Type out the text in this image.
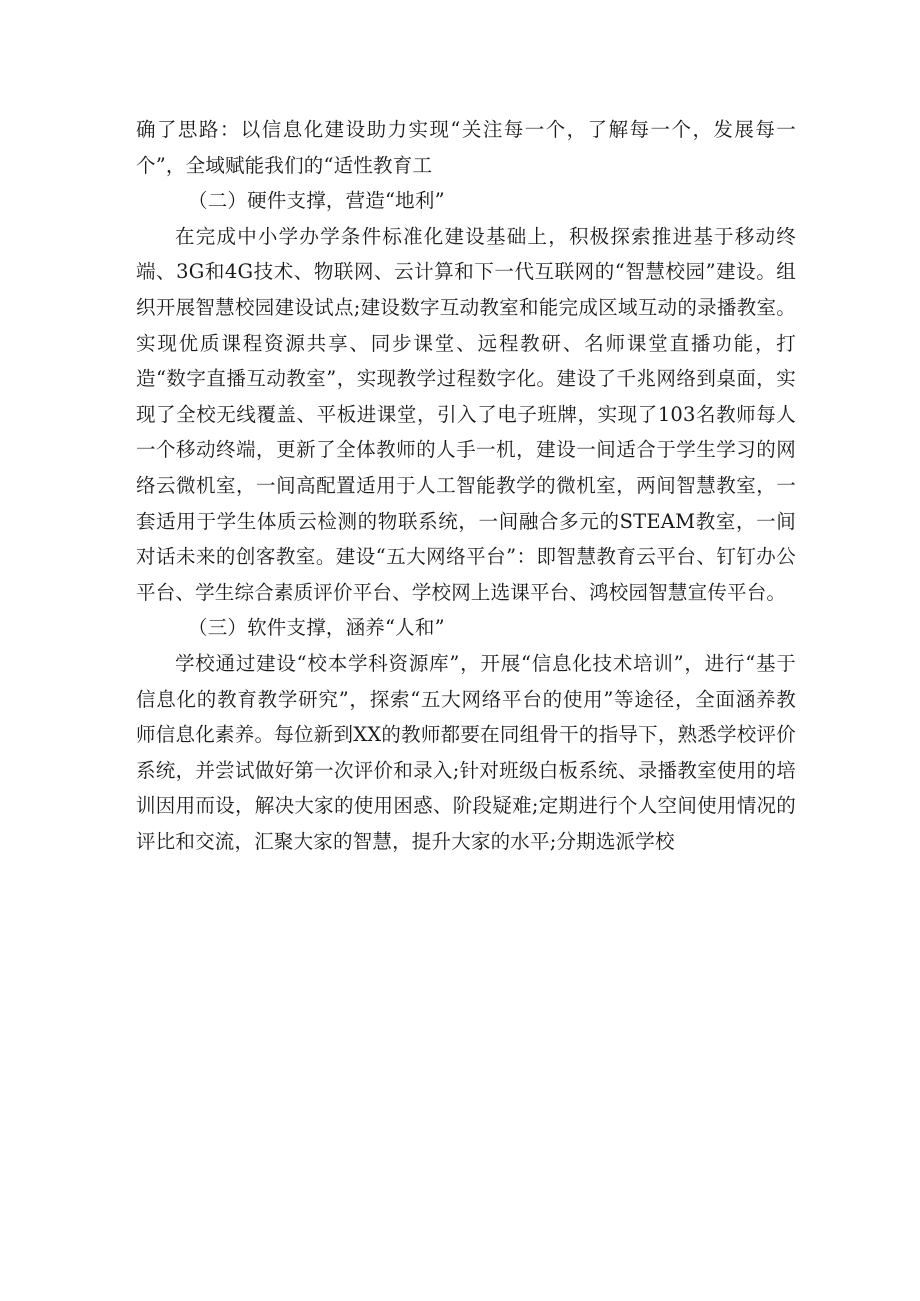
确了思路：以信息化建设助力实现“关注每一个，了解每一个，发展每一个”，全域赋能我们的“适性教育工

（二）硬件支撑，营造“地利”

在完成中小学办学条件标准化建设基础上，积极探索推进基于移动终端、3G和4G技术、物联网、云计算和下一代互联网的“智慧校园”建设。组织开展智慧校园建设试点;建设数字互动教室和能完成区域互动的录播教室。实现优质课程资源共享、同步课堂、远程教研、名师课堂直播功能，打造“数字直播互动教室”，实现教学过程数字化。建设了千兆网络到桌面，实现了全校无线覆盖、平板进课堂，引入了电子班牌，实现了103名教师每人一个移动终端，更新了全体教师的人手一机，建设一间适合于学生学习的网络云微机室，一间高配置适用于人工智能教学的微机室，两间智慧教室，一套适用于学生体质云检测的物联系统，一间融合多元的STEAM教室，一间对话未来的创客教室。建设“五大网络平台”：即智慧教育云平台、钉钉办公平台、学生综合素质评价平台、学校网上选课平台、鸿校园智慧宣传平台。

（三）软件支撑，涵养“人和”

学校通过建设“校本学科资源库”，开展“信息化技术培训”，进行“基于信息化的教育教学研究”，探索“五大网络平台的使用”等途径，全面涵养教师信息化素养。每位新到XX的教师都要在同组骨干的指导下，熟悉学校评价系统，并尝试做好第一次评价和录入;针对班级白板系统、录播教室使用的培训因用而设，解决大家的使用困惑、阶段疑难;定期进行个人空间使用情况的评比和交流，汇聚大家的智慧，提升大家的水平;分期选派学校
